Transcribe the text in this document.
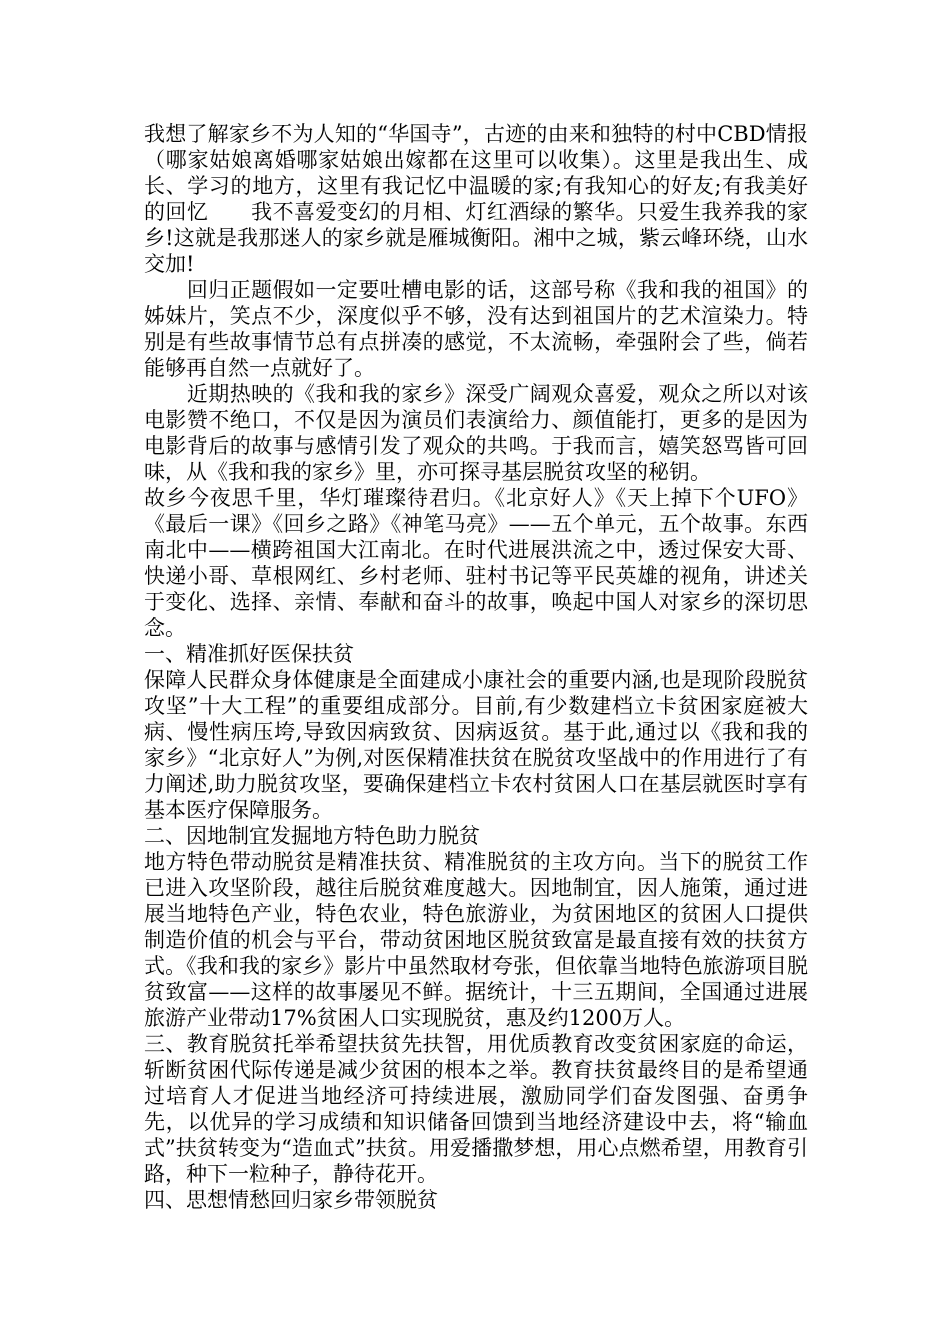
我想了解家乡不为人知的“华国寺”，古迹的由来和独特的村中CBD情报（哪家姑娘离婚哪家姑娘出嫁都在这里可以收集）。这里是我出生、成长、学习的地方，这里有我记忆中温暖的家;有我知心的好友;有我美好的回忆　　我不喜爱变幻的月相、灯红酒绿的繁华。只爱生我养我的家乡!这就是我那迷人的家乡就是雁城衡阳。湘中之城，紫云峰环绕，山水交加!

　　回归正题假如一定要吐槽电影的话，这部号称《我和我的祖国》的姊妹片，笑点不少，深度似乎不够，没有达到祖国片的艺术渲染力。特别是有些故事情节总有点拼凑的感觉，不太流畅，牵强附会了些，倘若能够再自然一点就好了。

　　近期热映的《我和我的家乡》深受广阔观众喜爱，观众之所以对该电影赞不绝口，不仅是因为演员们表演给力、颜值能打，更多的是因为电影背后的故事与感情引发了观众的共鸣。于我而言，嬉笑怒骂皆可回味，从《我和我的家乡》里，亦可探寻基层脱贫攻坚的秘钥。

故乡今夜思千里，华灯璀璨待君归。《北京好人》《天上掉下个UFO》《最后一课》《回乡之路》《神笔马亮》——五个单元，五个故事。东西南北中——横跨祖国大江南北。在时代进展洪流之中，透过保安大哥、快递小哥、草根网红、乡村老师、驻村书记等平民英雄的视角，讲述关于变化、选择、亲情、奉献和奋斗的故事，唤起中国人对家乡的深切思念。

一、精准抓好医保扶贫

保障人民群众身体健康是全面建成小康社会的重要内涵,也是现阶段脱贫攻坚”十大工程”的重要组成部分。目前,有少数建档立卡贫困家庭被大病、慢性病压垮,导致因病致贫、因病返贫。基于此,通过以《我和我的家乡》“北京好人”为例,对医保精准扶贫在脱贫攻坚战中的作用进行了有力阐述,助力脱贫攻坚，要确保建档立卡农村贫困人口在基层就医时享有基本医疗保障服务。

二、因地制宜发掘地方特色助力脱贫

地方特色带动脱贫是精准扶贫、精准脱贫的主攻方向。当下的脱贫工作已进入攻坚阶段，越往后脱贫难度越大。因地制宜，因人施策，通过进展当地特色产业，特色农业，特色旅游业，为贫困地区的贫困人口提供制造价值的机会与平台，带动贫困地区脱贫致富是最直接有效的扶贫方式。《我和我的家乡》影片中虽然取材夸张，但依靠当地特色旅游项目脱贫致富——这样的故事屡见不鲜。据统计，十三五期间，全国通过进展旅游产业带动17%贫困人口实现脱贫，惠及约1200万人。

三、教育脱贫托举希望扶贫先扶智，用优质教育改变贫困家庭的命运，斩断贫困代际传递是减少贫困的根本之举。教育扶贫最终目的是希望通过培育人才促进当地经济可持续进展，激励同学们奋发图强、奋勇争先，以优异的学习成绩和知识储备回馈到当地经济建设中去，将“输血式”扶贫转变为“造血式”扶贫。用爱播撒梦想，用心点燃希望，用教育引路，种下一粒种子，静待花开。

四、思想情愁回归家乡带领脱贫
